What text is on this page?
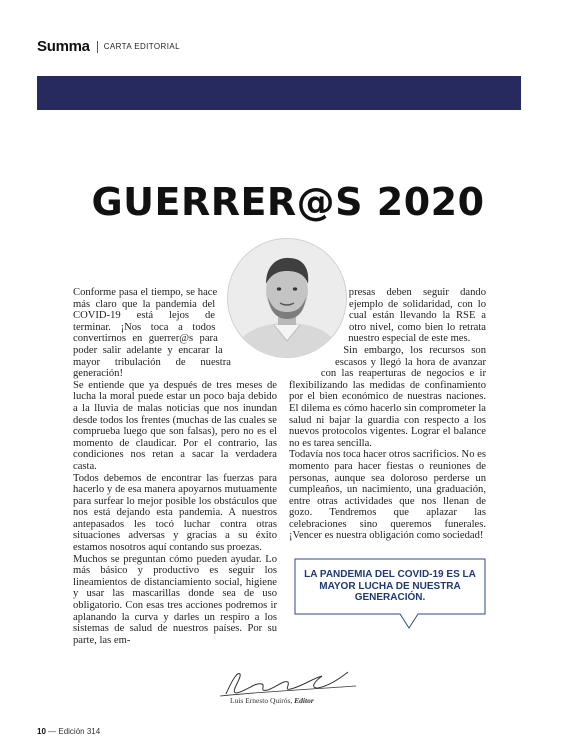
Summa CARTA EDITORIAL
GUERRER@S 2020

Conforme pasa el tiempo, se hace más claro que la pandemia del COVID-19 está lejos de terminar. ¡Nos toca a todos convertirnos en guerrer@s para poder salir adelante y encarar la mayor tribulación de nuestra generación!

Se entiende que ya después de tres meses de lucha la moral puede estar un poco baja debido a la lluvia de malas noticias que nos inundan desde todos los frentes (muchas de las cuales se comprueba luego que son falsas), pero no es el momento de claudicar. Por el contrario, las condiciones nos retan a sacar la verdadera casta.

Todos debemos de encontrar las fuerzas para hacerlo y de esa manera apoyarnos mutuamente para surfear lo mejor posible los obstáculos que nos está dejando esta pandemia. A nuestros antepasados les tocó luchar contra otras situaciones adversas y gracias a su éxito estamos nosotros aquí contando sus proezas.

Muchos se preguntan cómo pueden ayudar. Lo más básico y productivo es seguir los lineamientos de distanciamiento social, higiene y usar las mascarillas donde sea de uso obligatorio. Con esas tres acciones podremos ir aplanando la curva y darles un respiro a los sistemas de salud de nuestros países. Por su parte, las em-

presas deben seguir dando ejemplo de solidaridad, con lo cual están llevando la RSE a otro nivel, como bien lo retrata nuestro especial de este mes.

Sin embargo, los recursos son escasos y llegó la hora de avanzar con las reaperturas de negocios e ir flexibilizando las medidas de confinamiento por el bien económico de nuestras naciones. El dilema es cómo hacerlo sin comprometer la salud ni bajar la guardia con respecto a los nuevos protocolos vigentes. Lograr el balance no es tarea sencilla.

Todavía nos toca hacer otros sacrificios. No es momento para hacer fiestas o reuniones de personas, aunque sea doloroso perderse un cumpleaños, un nacimiento, una graduación, entre otras actividades que nos llenan de gozo. Tendremos que aplazar las celebraciones sino queremos funerales. ¡Vencer es nuestra obligación como sociedad!

LA PANDEMIA DEL COVID-19 ES LA MAYOR LUCHA DE NUESTRA GENERACIÓN.
Luis Ernesto Quirós, Editor
10 — Edición 314
